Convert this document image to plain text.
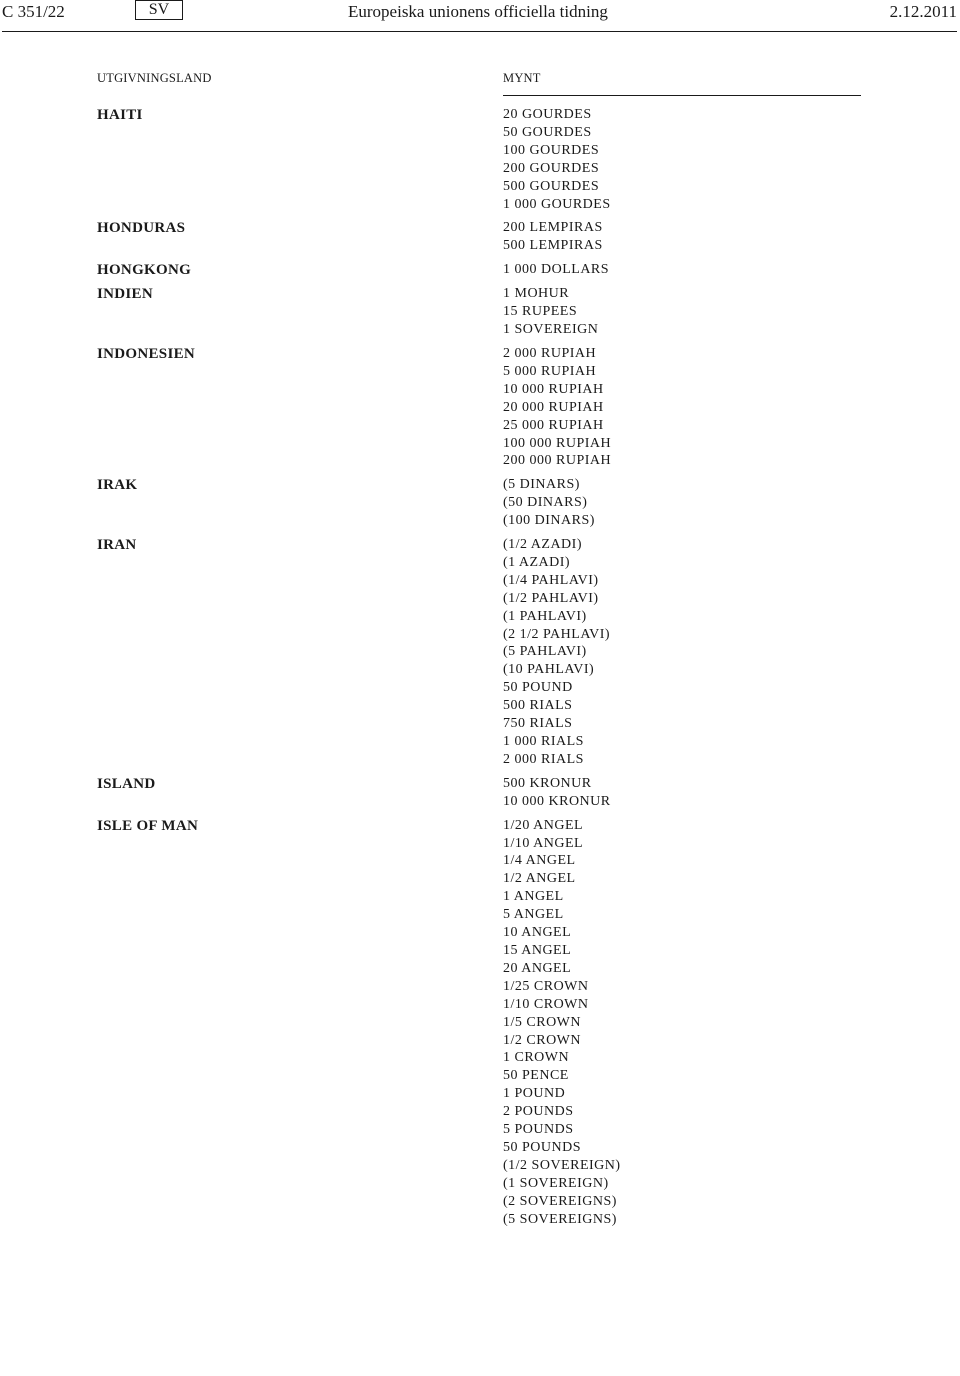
C 351/22	SV	Europeiska unionens officiella tidning	2.12.2011
UTGIVNINGSLAND	MYNT
HAITI	20 GOURDES
50 GOURDES
100 GOURDES
200 GOURDES
500 GOURDES
1 000 GOURDES
HONDURAS	200 LEMPIRAS
500 LEMPIRAS
HONGKONG	1 000 DOLLARS
INDIEN	1 MOHUR
15 RUPEES
1 SOVEREIGN
INDONESIEN	2 000 RUPIAH
5 000 RUPIAH
10 000 RUPIAH
20 000 RUPIAH
25 000 RUPIAH
100 000 RUPIAH
200 000 RUPIAH
IRAK	(5 DINARS)
(50 DINARS)
(100 DINARS)
IRAN	(1/2 AZADI)
(1 AZADI)
(1/4 PAHLAVI)
(1/2 PAHLAVI)
(1 PAHLAVI)
(2 1/2 PAHLAVI)
(5 PAHLAVI)
(10 PAHLAVI)
50 POUND
500 RIALS
750 RIALS
1 000 RIALS
2 000 RIALS
ISLAND	500 KRONUR
10 000 KRONUR
ISLE OF MAN	1/20 ANGEL
1/10 ANGEL
1/4 ANGEL
1/2 ANGEL
1 ANGEL
5 ANGEL
10 ANGEL
15 ANGEL
20 ANGEL
1/25 CROWN
1/10 CROWN
1/5 CROWN
1/2 CROWN
1 CROWN
50 PENCE
1 POUND
2 POUNDS
5 POUNDS
50 POUNDS
(1/2 SOVEREIGN)
(1 SOVEREIGN)
(2 SOVEREIGNS)
(5 SOVEREIGNS)
